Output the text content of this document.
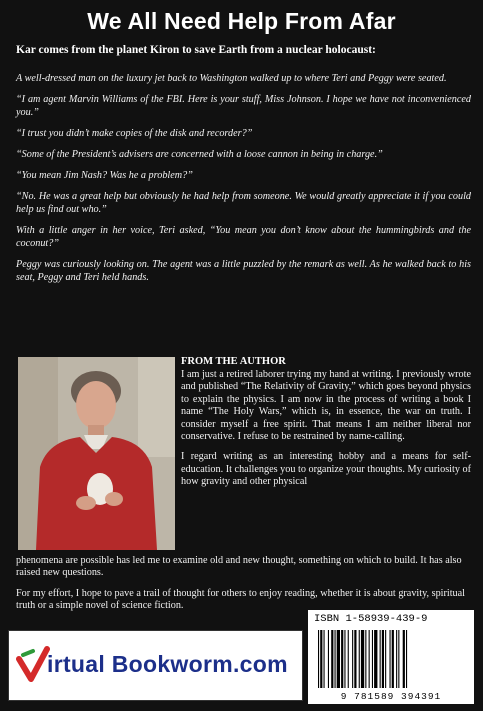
We All Need Help From Afar
Kar comes from the planet Kiron to save Earth from a nuclear holocaust:

A well-dressed man on the luxury jet back to Washington walked up to where Teri and Peggy were seated.

“I am agent Marvin Williams of the FBI. Here is your stuff, Miss Johnson. I hope we have not inconvenienced you.”

“I trust you didn’t make copies of the disk and recorder?”

“Some of the President’s advisers are concerned with a loose cannon in being in charge.”

“You mean Jim Nash? Was he a problem?”

“No. He was a great help but obviously he had help from someone. We would greatly appreciate it if you could help us find out who.”

With a little anger in her voice, Teri asked, “You mean you don’t know about the hummingbirds and the coconut?”

Peggy was curiously looking on. The agent was a little puzzled by the remark as well. As he walked back to his seat, Peggy and Teri held hands.

FROM THE AUTHOR

I am just a retired laborer trying my hand at writing. I previously wrote and published “The Relativity of Gravity,” which goes beyond physics to explain the physics. I am now in the process of writing a book I name “The Holy Wars,” which is, in essence, the war on truth. I consider myself a free spirit. That means I am neither liberal nor conservative. I refuse to be restrained by name-calling.

I regard writing as an interesting hobby and a means for self-education. It challenges you to organize your thoughts. My curiosity of how gravity and other physical

phenomena are possible has led me to examine old and new thought, something on which to build. It has also raised new questions.

For my effort, I hope to pave a trail of thought for others to enjoy reading, whether it is about gravity, spiritual truth or a simple novel of science fiction.

irtual Bookworm.com
ISBN 1-58939-439-9
9 781589 394391
